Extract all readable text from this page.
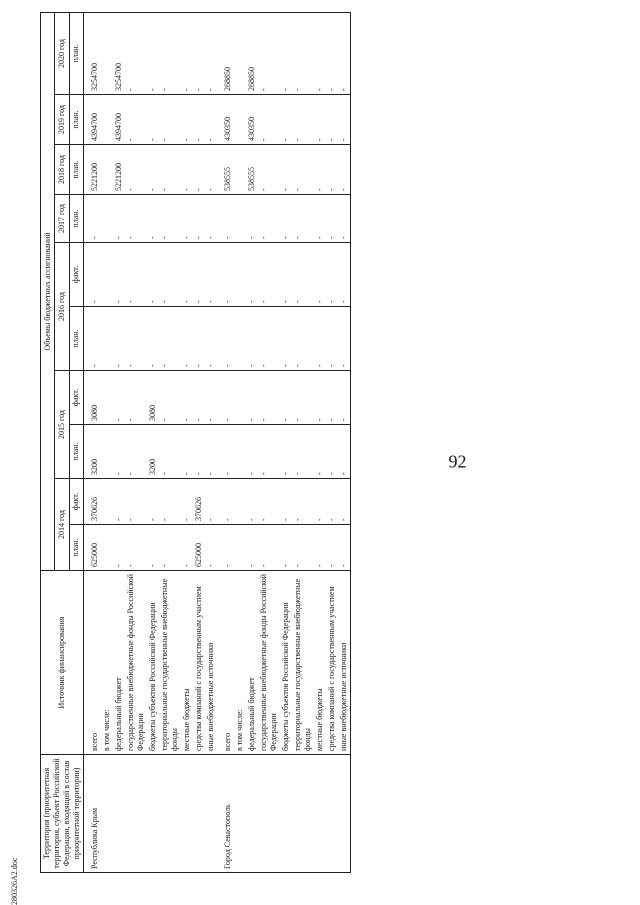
280326A2.doc
92
Территория (приоритетная территория, субъект Российской Федерации, входящий в состав приоритетной территории)	Источник финансирования	Объемы бюджетных ассигнований									
		2014 год		2015 год		2016 год		2017 год	2018 год	2019 год	2020 год
		план.	факт.	план.	факт.	план.	факт.	план.	план.	план.	план.
Республика Крым	всего	625000	370626	3200	3080	-	-	-	5221200	4394700	3254700
	в том числе:										
	федеральный бюджет	-	-	-	-	-	-	-	5221200	4394700	3254700
	государственные внебюджетные фонды Российской Федерации	-	-	-	-	-	-	-	-	-	-
	бюджеты субъектов Российской Федерации	-	-	3200	3080	-	-	-	-	-	-
	территориальные государственные внебюджетные фонды	-	-	-	-	-	-	-	-	-	-
	местные бюджеты	-	-	-	-	-	-	-	-	-	-
	средства компаний с государственным участием	625000	370626	-	-	-	-	-	-	-	-
	иные внебюджетные источники	-	-	-	-	-	-	-	-	-	-
Город Севастополь	всего	-	-	-	-	-	-	-	538555	430350	268850
	в том числе:										
	федеральный бюджет	-	-	-	-	-	-	-	538555	430350	268850
	государственные внебюджетные фонды Российской Федерации	-	-	-	-	-	-	-	-	-	-
	бюджеты субъектов Российской Федерации	-	-	-	-	-	-	-	-	-	-
	территориальные государственные внебюджетные фонды	-	-	-	-	-	-	-	-	-	-
	местные бюджеты	-	-	-	-	-	-	-	-	-	-
	средства компаний с государственным участием	-	-	-	-	-	-	-	-	-	-
	иные внебюджетные источники	-	-	-	-	-	-	-	-	-	-
